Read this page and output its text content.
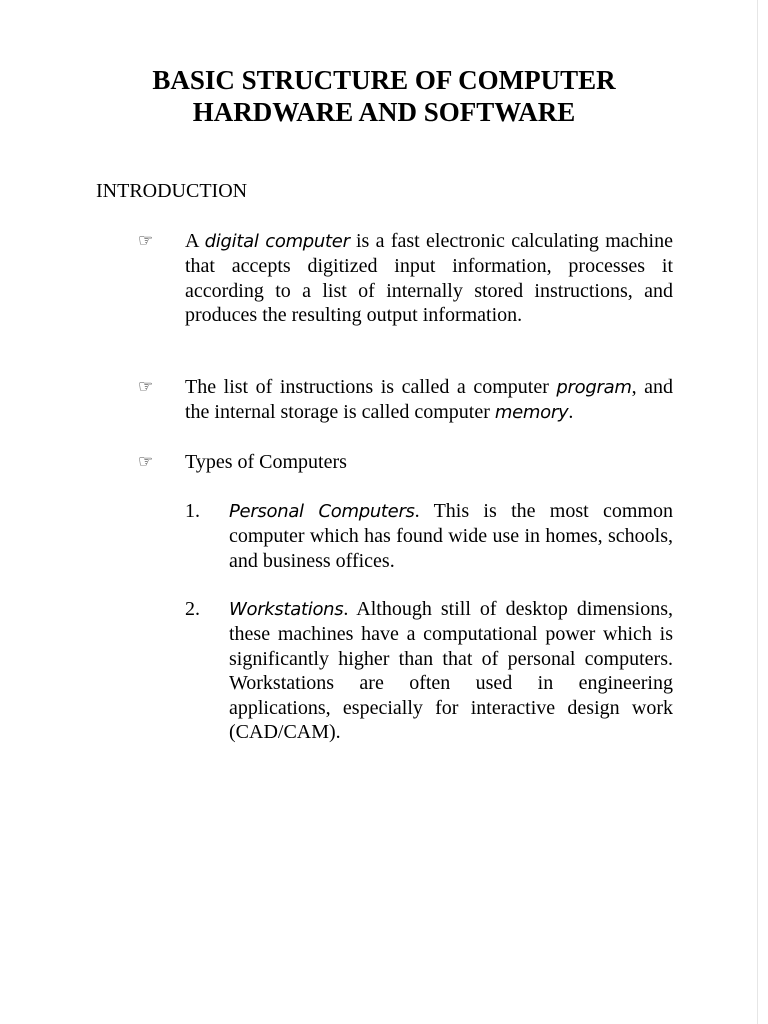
BASIC STRUCTURE OF COMPUTER
HARDWARE AND SOFTWARE
INTRODUCTION
☞	A digital computer is a fast electronic calculating machine that accepts digitized input information, processes it according to a list of internally stored instructions, and produces the resulting output information.

☞	The list of instructions is called a computer program, and the internal storage is called computer memory.

☞	Types of Computers

1. Personal Computers. This is the most common computer which has found wide use in homes, schools, and business offices.

2. Workstations. Although still of desktop dimensions, these machines have a computational power which is significantly higher than that of personal computers. Workstations are often used in engineering applications, especially for interactive design work (CAD/CAM).
